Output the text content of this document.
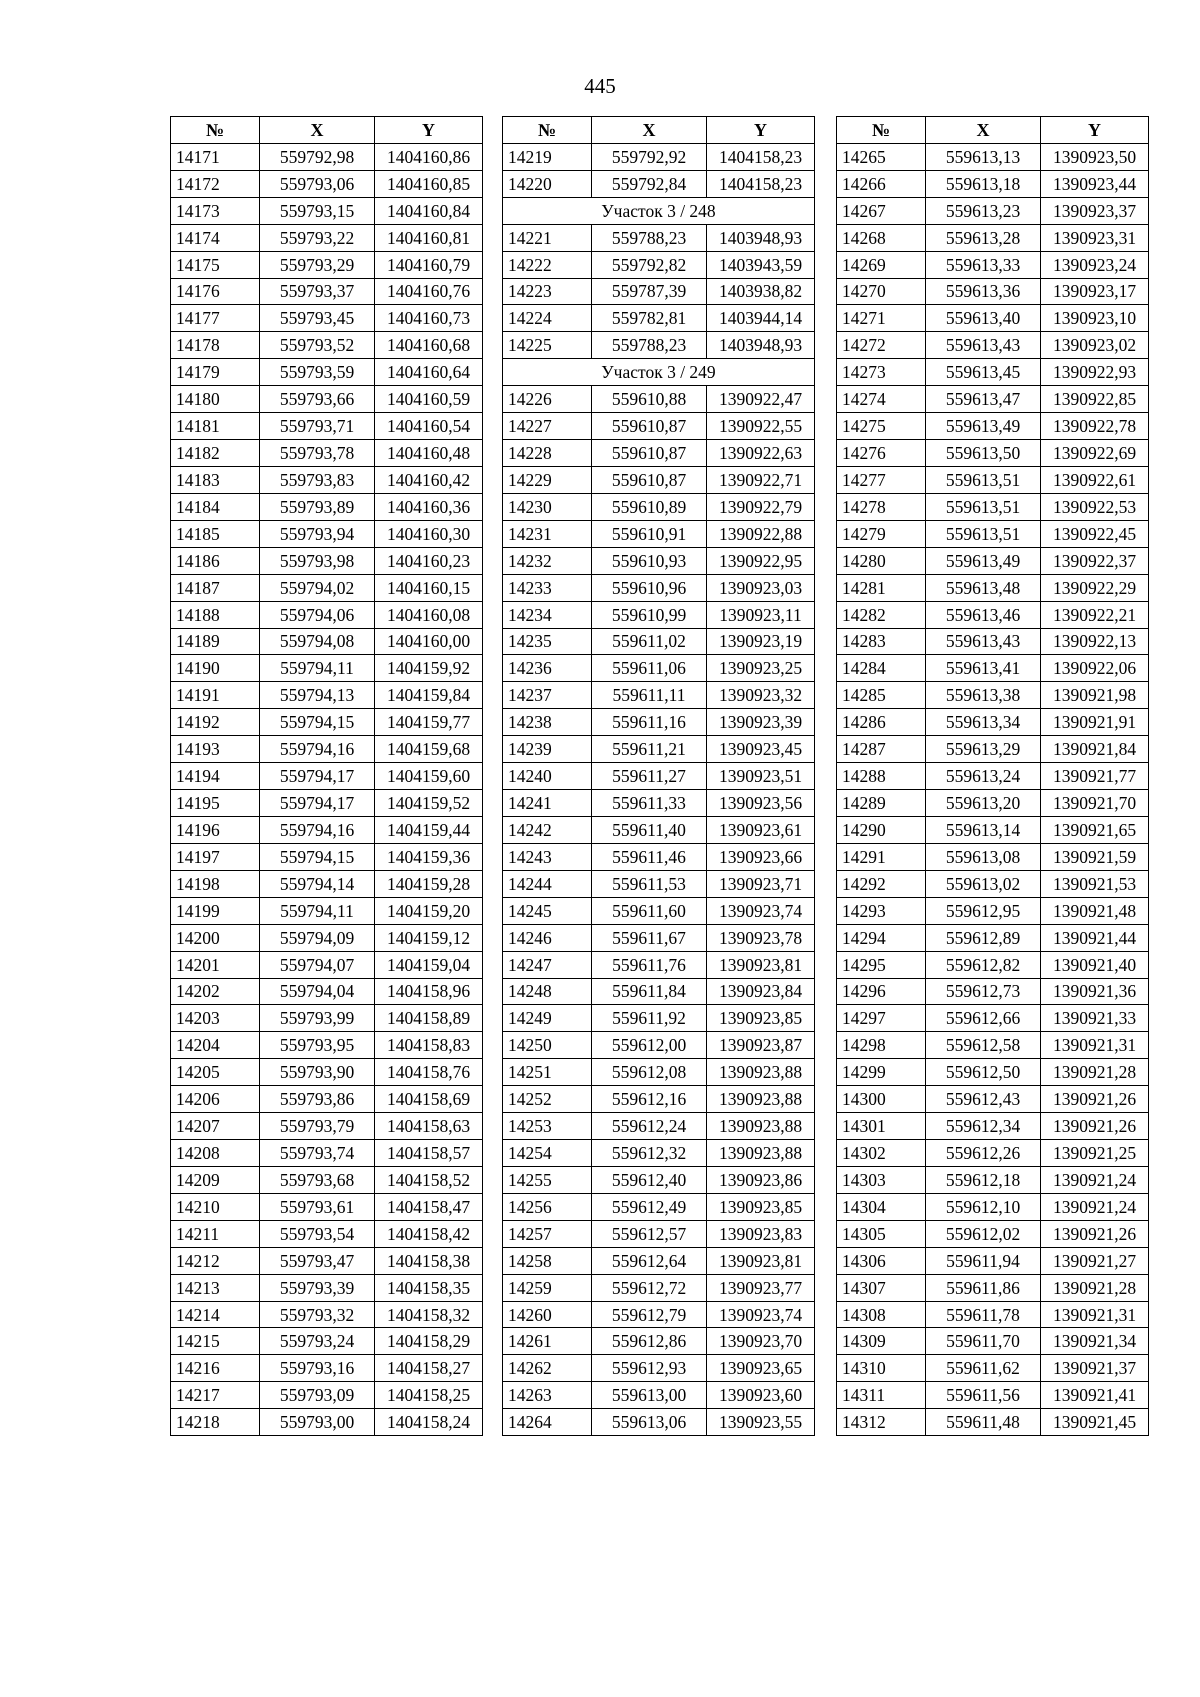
445
№	X	Y
14171	559792,98	1404160,86
14172	559793,06	1404160,85
14173	559793,15	1404160,84
14174	559793,22	1404160,81
14175	559793,29	1404160,79
14176	559793,37	1404160,76
14177	559793,45	1404160,73
14178	559793,52	1404160,68
14179	559793,59	1404160,64
14180	559793,66	1404160,59
14181	559793,71	1404160,54
14182	559793,78	1404160,48
14183	559793,83	1404160,42
14184	559793,89	1404160,36
14185	559793,94	1404160,30
14186	559793,98	1404160,23
14187	559794,02	1404160,15
14188	559794,06	1404160,08
14189	559794,08	1404160,00
14190	559794,11	1404159,92
14191	559794,13	1404159,84
14192	559794,15	1404159,77
14193	559794,16	1404159,68
14194	559794,17	1404159,60
14195	559794,17	1404159,52
14196	559794,16	1404159,44
14197	559794,15	1404159,36
14198	559794,14	1404159,28
14199	559794,11	1404159,20
14200	559794,09	1404159,12
14201	559794,07	1404159,04
14202	559794,04	1404158,96
14203	559793,99	1404158,89
14204	559793,95	1404158,83
14205	559793,90	1404158,76
14206	559793,86	1404158,69
14207	559793,79	1404158,63
14208	559793,74	1404158,57
14209	559793,68	1404158,52
14210	559793,61	1404158,47
14211	559793,54	1404158,42
14212	559793,47	1404158,38
14213	559793,39	1404158,35
14214	559793,32	1404158,32
14215	559793,24	1404158,29
14216	559793,16	1404158,27
14217	559793,09	1404158,25
14218	559793,00	1404158,24
№	X	Y
14219	559792,92	1404158,23
14220	559792,84	1404158,23
Участок 3 / 248		
14221	559788,23	1403948,93
14222	559792,82	1403943,59
14223	559787,39	1403938,82
14224	559782,81	1403944,14
14225	559788,23	1403948,93
Участок 3 / 249		
14226	559610,88	1390922,47
14227	559610,87	1390922,55
14228	559610,87	1390922,63
14229	559610,87	1390922,71
14230	559610,89	1390922,79
14231	559610,91	1390922,88
14232	559610,93	1390922,95
14233	559610,96	1390923,03
14234	559610,99	1390923,11
14235	559611,02	1390923,19
14236	559611,06	1390923,25
14237	559611,11	1390923,32
14238	559611,16	1390923,39
14239	559611,21	1390923,45
14240	559611,27	1390923,51
14241	559611,33	1390923,56
14242	559611,40	1390923,61
14243	559611,46	1390923,66
14244	559611,53	1390923,71
14245	559611,60	1390923,74
14246	559611,67	1390923,78
14247	559611,76	1390923,81
14248	559611,84	1390923,84
14249	559611,92	1390923,85
14250	559612,00	1390923,87
14251	559612,08	1390923,88
14252	559612,16	1390923,88
14253	559612,24	1390923,88
14254	559612,32	1390923,88
14255	559612,40	1390923,86
14256	559612,49	1390923,85
14257	559612,57	1390923,83
14258	559612,64	1390923,81
14259	559612,72	1390923,77
14260	559612,79	1390923,74
14261	559612,86	1390923,70
14262	559612,93	1390923,65
14263	559613,00	1390923,60
14264	559613,06	1390923,55
№	X	Y
14265	559613,13	1390923,50
14266	559613,18	1390923,44
14267	559613,23	1390923,37
14268	559613,28	1390923,31
14269	559613,33	1390923,24
14270	559613,36	1390923,17
14271	559613,40	1390923,10
14272	559613,43	1390923,02
14273	559613,45	1390922,93
14274	559613,47	1390922,85
14275	559613,49	1390922,78
14276	559613,50	1390922,69
14277	559613,51	1390922,61
14278	559613,51	1390922,53
14279	559613,51	1390922,45
14280	559613,49	1390922,37
14281	559613,48	1390922,29
14282	559613,46	1390922,21
14283	559613,43	1390922,13
14284	559613,41	1390922,06
14285	559613,38	1390921,98
14286	559613,34	1390921,91
14287	559613,29	1390921,84
14288	559613,24	1390921,77
14289	559613,20	1390921,70
14290	559613,14	1390921,65
14291	559613,08	1390921,59
14292	559613,02	1390921,53
14293	559612,95	1390921,48
14294	559612,89	1390921,44
14295	559612,82	1390921,40
14296	559612,73	1390921,36
14297	559612,66	1390921,33
14298	559612,58	1390921,31
14299	559612,50	1390921,28
14300	559612,43	1390921,26
14301	559612,34	1390921,26
14302	559612,26	1390921,25
14303	559612,18	1390921,24
14304	559612,10	1390921,24
14305	559612,02	1390921,26
14306	559611,94	1390921,27
14307	559611,86	1390921,28
14308	559611,78	1390921,31
14309	559611,70	1390921,34
14310	559611,62	1390921,37
14311	559611,56	1390921,41
14312	559611,48	1390921,45
